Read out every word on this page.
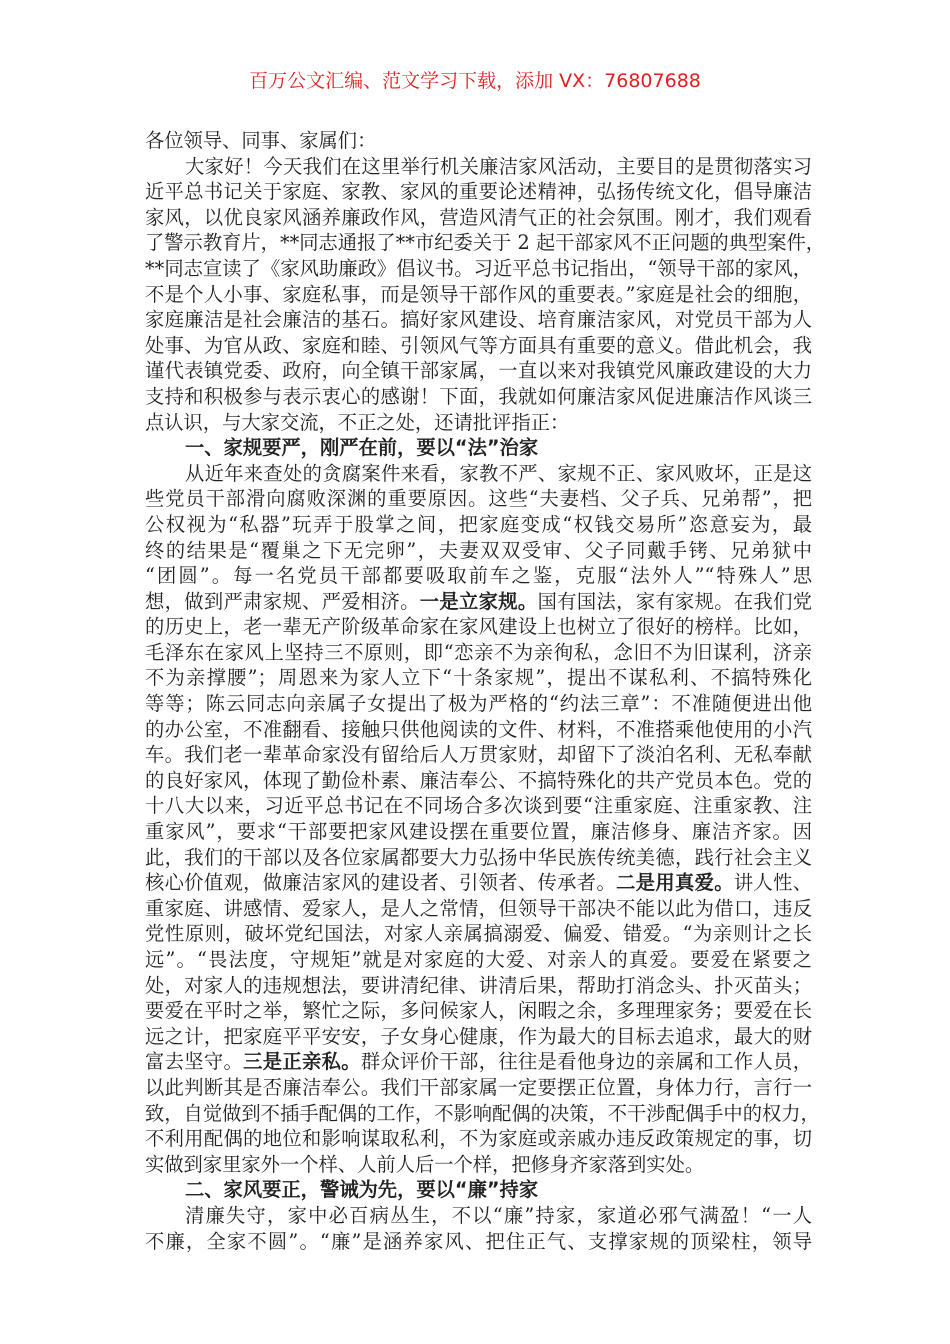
百万公文汇编、范文学习下载，添加 VX：76807688
各位领导、同事、家属们：
大家好！今天我们在这里举行机关廉洁家风活动，主要目的是贯彻落实习
近平总书记关于家庭、家教、家风的重要论述精神，弘扬传统文化，倡导廉洁
家风，以优良家风涵养廉政作风，营造风清气正的社会氛围。刚才，我们观看
了警示教育片，**同志通报了**市纪委关于 2 起干部家风不正问题的典型案件，
**同志宣读了《家风助廉政》倡议书。习近平总书记指出，“领导干部的家风，
不是个人小事、家庭私事，而是领导干部作风的重要表。”家庭是社会的细胞，
家庭廉洁是社会廉洁的基石。搞好家风建设、培育廉洁家风，对党员干部为人
处事、为官从政、家庭和睦、引领风气等方面具有重要的意义。借此机会，我
谨代表镇党委、政府，向全镇干部家属，一直以来对我镇党风廉政建设的大力
支持和积极参与表示衷心的感谢！下面，我就如何廉洁家风促进廉洁作风谈三
点认识，与大家交流，不正之处，还请批评指正：
一、家规要严，刚严在前，要以“法”治家
从近年来查处的贪腐案件来看，家教不严、家规不正、家风败坏，正是这
些党员干部滑向腐败深渊的重要原因。这些“夫妻档、父子兵、兄弟帮”，把
公权视为“私器”玩弄于股掌之间，把家庭变成“权钱交易所”恣意妄为，最
终的结果是“覆巢之下无完卵”，夫妻双双受审、父子同戴手铐、兄弟狱中
“团圆”。每一名党员干部都要吸取前车之鉴，克服“法外人”“特殊人”思
想，做到严肃家规、严爱相济。一是立家规。国有国法，家有家规。在我们党
的历史上，老一辈无产阶级革命家在家风建设上也树立了很好的榜样。比如，
毛泽东在家风上坚持三不原则，即“恋亲不为亲徇私，念旧不为旧谋利，济亲
不为亲撑腰”；周恩来为家人立下“十条家规”，提出不谋私利、不搞特殊化
等等；陈云同志向亲属子女提出了极为严格的“约法三章”：不准随便进出他
的办公室，不准翻看、接触只供他阅读的文件、材料，不准搭乘他使用的小汽
车。我们老一辈革命家没有留给后人万贯家财，却留下了淡泊名利、无私奉献
的良好家风，体现了勤俭朴素、廉洁奉公、不搞特殊化的共产党员本色。党的
十八大以来，习近平总书记在不同场合多次谈到要“注重家庭、注重家教、注
重家风”，要求“干部要把家风建设摆在重要位置，廉洁修身、廉洁齐家。因
此，我们的干部以及各位家属都要大力弘扬中华民族传统美德，践行社会主义
核心价值观，做廉洁家风的建设者、引领者、传承者。二是用真爱。讲人性、
重家庭、讲感情、爱家人，是人之常情，但领导干部决不能以此为借口，违反
党性原则，破坏党纪国法，对家人亲属搞溺爱、偏爱、错爱。“为亲则计之长
远”。“畏法度，守规矩”就是对家庭的大爱、对亲人的真爱。要爱在紧要之
处，对家人的违规想法，要讲清纪律、讲清后果，帮助打消念头、扑灭苗头；
要爱在平时之举，繁忙之际，多问候家人，闲暇之余，多理理家务；要爱在长
远之计，把家庭平平安安，子女身心健康，作为最大的目标去追求，最大的财
富去坚守。三是正亲私。群众评价干部，往往是看他身边的亲属和工作人员，
以此判断其是否廉洁奉公。我们干部家属一定要摆正位置，身体力行，言行一
致，自觉做到不插手配偶的工作，不影响配偶的决策，不干涉配偶手中的权力，
不利用配偶的地位和影响谋取私利，不为家庭或亲戚办违反政策规定的事，切
实做到家里家外一个样、人前人后一个样，把修身齐家落到实处。
二、家风要正，警诫为先，要以“廉”持家
清廉失守，家中必百病丛生，不以“廉”持家，家道必邪气满盈！“一人
不廉，全家不圆”。“廉”是涵养家风、把住正气、支撑家规的顶梁柱，领导
